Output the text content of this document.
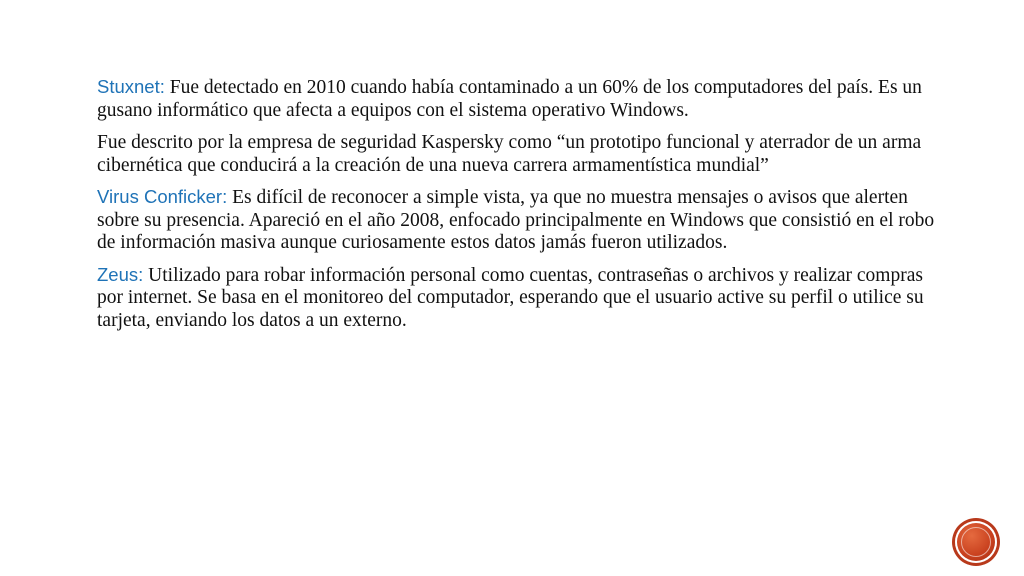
Stuxnet: Fue detectado en 2010 cuando había contaminado a un 60% de los computadores del país. Es un gusano informático que afecta a equipos con el sistema operativo Windows.

Fue descrito por la empresa de seguridad Kaspersky como “un prototipo funcional y aterrador de un arma cibernética que conducirá a la creación de una nueva carrera armamentística mundial”

Virus Conficker: Es difícil de reconocer a simple vista, ya que no muestra mensajes o avisos que alerten sobre su presencia. Apareció en el año 2008, enfocado principalmente en Windows que consistió en el robo de información masiva aunque curiosamente estos datos jamás fueron utilizados.

Zeus: Utilizado para robar información personal como cuentas, contraseñas o archivos y realizar compras por internet. Se basa en el monitoreo del computador, esperando que el usuario active su perfil o utilice su tarjeta, enviando los datos a un externo.
